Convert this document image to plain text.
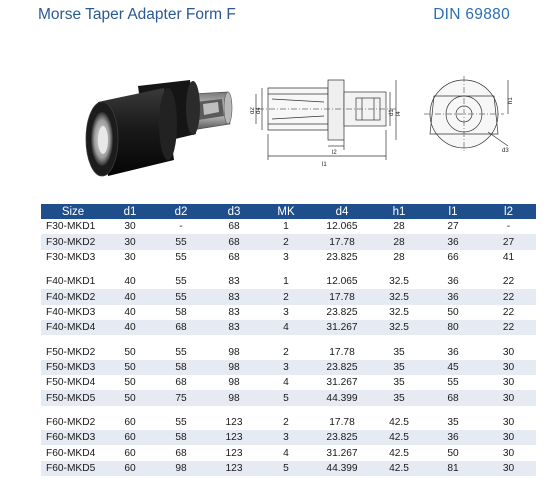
Morse Taper Adapter Form F	DIN 69880
d2 d4	d1 l4
h1
l1
l2	d3
Size	d1	d2	d3	MK	d4	h1	l1	l2
F30-MKD1	30	-	68	1	12.065	28	27	-
F30-MKD2	30	55	68	2	17.78	28	36	27
F30-MKD3	30	55	68	3	23.825	28	66	41

F40-MKD1	40	55	83	1	12.065	32.5	36	22
F40-MKD2	40	55	83	2	17.78	32.5	36	22
F40-MKD3	40	58	83	3	23.825	32.5	50	22
F40-MKD4	40	68	83	4	31.267	32.5	80	22

F50-MKD2	50	55	98	2	17.78	35	36	30
F50-MKD3	50	58	98	3	23.825	35	45	30
F50-MKD4	50	68	98	4	31.267	35	55	30
F50-MKD5	50	75	98	5	44.399	35	68	30

F60-MKD2	60	55	123	2	17.78	42.5	35	30
F60-MKD3	60	58	123	3	23.825	42.5	36	30
F60-MKD4	60	68	123	4	31.267	42.5	50	30
F60-MKD5	60	98	123	5	44.399	42.5	81	30
